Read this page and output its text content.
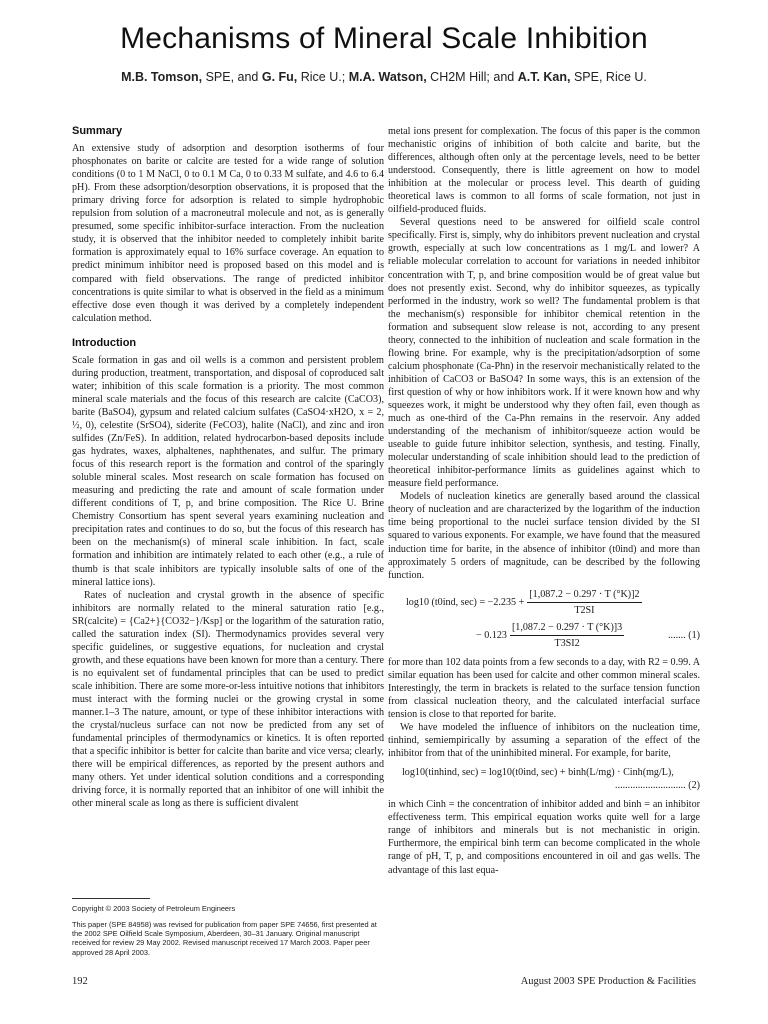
Mechanisms of Mineral Scale Inhibition
M.B. Tomson, SPE, and G. Fu, Rice U.; M.A. Watson, CH2M Hill; and A.T. Kan, SPE, Rice U.
Summary

An extensive study of adsorption and desorption isotherms of four phosphonates on barite or calcite are tested for a wide range of solution conditions (0 to 1 M NaCl, 0 to 0.1 M Ca, 0 to 0.33 M sulfate, and 4.6 to 6.4 pH). From these adsorption/desorption observations, it is proposed that the primary driving force for adsorption is related to simple hydrophobic repulsion from solution of a macroneutral molecule and not, as is generally presumed, some specific inhibitor-surface interaction. From the nucleation study, it is observed that the inhibitor needed to completely inhibit barite formation is approximately equal to 16% surface coverage. An equation to predict minimum inhibitor need is proposed based on this model and is compared with field observations. The range of predicted inhibitor concentrations is quite similar to what is observed in the field as a minimum effective dose even though it was derived by a completely independent calculation method.

Introduction

Scale formation in gas and oil wells is a common and persistent problem during production, treatment, transportation, and disposal of coproduced salt water; inhibition of this scale formation is a priority. The most common mineral scale materials and the focus of this research are calcite (CaCO3), barite (BaSO4), gypsum and related calcium sulfates (CaSO4·xH2O, x = 2, ½, 0), celestite (SrSO4), siderite (FeCO3), halite (NaCl), and zinc and iron sulfides (Zn/FeS). In addition, related hydrocarbon-based deposits include gas hydrates, waxes, alphaltenes, naphthenates, and sulfur. The primary focus of this research report is the formation and control of the sparingly soluble mineral scales. Most research on scale formation has focused on measuring and predicting the rate and amount of scale formation under different conditions of T, p, and brine composition. The Rice U. Brine Chemistry Consortium has spent several years examining nucleation and precipitation rates and continues to do so, but the focus of this research has been on the mechanism(s) of mineral scale inhibition. In fact, scale formation and inhibition are intimately related to each other (e.g., a rule of thumb is that scale inhibitors are typically insoluble salts of one of the mineral lattice ions).

Rates of nucleation and crystal growth in the absence of specific inhibitors are normally related to the mineral saturation ratio [e.g., SR(calcite) = {Ca2+}{CO32−}/Ksp] or the logarithm of the saturation ratio, called the saturation index (SI). Thermodynamics provides several very specific guidelines, or suggestive equations, for nucleation and crystal growth, and these equations have been known for more than a century. There is no equivalent set of fundamental principles that can be used to predict scale inhibition. There are some more-or-less intuitive notions that inhibitors must interact with the forming nuclei or the growing crystal in some manner.1–3 The nature, amount, or type of these inhibitor interactions with the crystal/nucleus surface can not now be predicted from any set of fundamental principles of thermodynamics or kinetics. It is often reported that a specific inhibitor is better for calcite than barite and vice versa; clearly, there will be empirical differences, as reported by the present authors and many others. Yet under identical solution conditions and a corresponding driving force, it is normally reported that an inhibitor of one will inhibit the other mineral scale as long as there is sufficient divalent

metal ions present for complexation. The focus of this paper is the common mechanistic origins of inhibition of both calcite and barite, but the differences, although often only at the percentage levels, need to be better understood. Consequently, there is little agreement on how to model inhibition at the molecular or process level. This dearth of guiding theoretical laws is common to all forms of scale formation, not just in oilfield-produced fluids.

Several questions need to be answered for oilfield scale control specifically. First is, simply, why do inhibitors prevent nucleation and crystal growth, especially at such low concentrations as 1 mg/L and lower? A reliable molecular correlation to account for variations in needed inhibitor concentration with T, p, and brine composition would be of great value but does not presently exist. Second, why do inhibitor squeezes, as typically performed in the industry, work so well? The fundamental problem is that the mechanism(s) responsible for inhibitor chemical retention in the formation and subsequent slow release is not, according to any present theory, connected to the inhibition of nucleation and scale formation in the flowing brine. For example, why is the precipitation/adsorption of some calcium phosphonate (Ca-Phn) in the reservoir mechanistically related to the inhibition of CaCO3 or BaSO4? In some ways, this is an extension of the first question of why or how inhibitors work. If it were known how and why squeezes work, it might be understood why they often fail, even though as much as one-third of the Ca-Phn remains in the reservoir. Any added understanding of the mechanism of inhibitor/squeeze action would be useable to guide future inhibitor selection, synthesis, and testing. Finally, molecular understanding of scale inhibition should lead to the prediction of theoretical inhibitor-performance limits as guidelines against which to measure field performance.

Models of nucleation kinetics are generally based around the classical theory of nucleation and are characterized by the logarithm of the induction time being proportional to the nuclei surface tension divided by the SI squared to various exponents. For example, we have found that the measured induction time for barite, in the absence of inhibitor (t0ind) and more than approximately 5 orders of magnitude, can be described by the following function.

log10 (t0ind, $\sec) = -2.235 + \frac{[1,087.2 - 0.297 \cdot T (^\circ K)]2}{T2SI}$
− $0.123 \frac{[1,087.2 - 0.297 \cdot T (^\circ K)]3}{T3SI2}$	....... (1)

for more than 102 data points from a few seconds to a day, with R2 = 0.99. A similar equation has been used for calcite and other common mineral scales. Interestingly, the term in brackets is related to the surface tension function from classical nucleation theory, and the calculated interfacial surface tension is close to that reported for barite.

We have modeled the influence of inhibitors on the nucleation time, tinhind, semiempirically by assuming a separation of the effect of the inhibitor from that of the uninhibited mineral. For example, for barite,

log10(tinhind, sec) = log10(t0ind, sec) + binh(L/mg) · Cinh(mg/L),
............................ (2)

in which Cinh = the concentration of inhibitor added and binh = an inhibitor effectiveness term. This empirical equation works quite well for a large range of inhibitors and minerals but is not mechanistic in origin. Furthermore, the empirical binh term can become complicated in the whole range of pH, T, p, and compositions encountered in oil and gas wells. The advantage of this last equa-

Copyright © 2003 Society of Petroleum Engineers
This paper (SPE 84958) was revised for publication from paper SPE 74656, first presented at the 2002 SPE Oilfield Scale Symposium, Aberdeen, 30–31 January. Original manuscript received for review 29 May 2002. Revised manuscript received 17 March 2003. Paper peer approved 28 April 2003.
192	August 2003 SPE Production & Facilities
